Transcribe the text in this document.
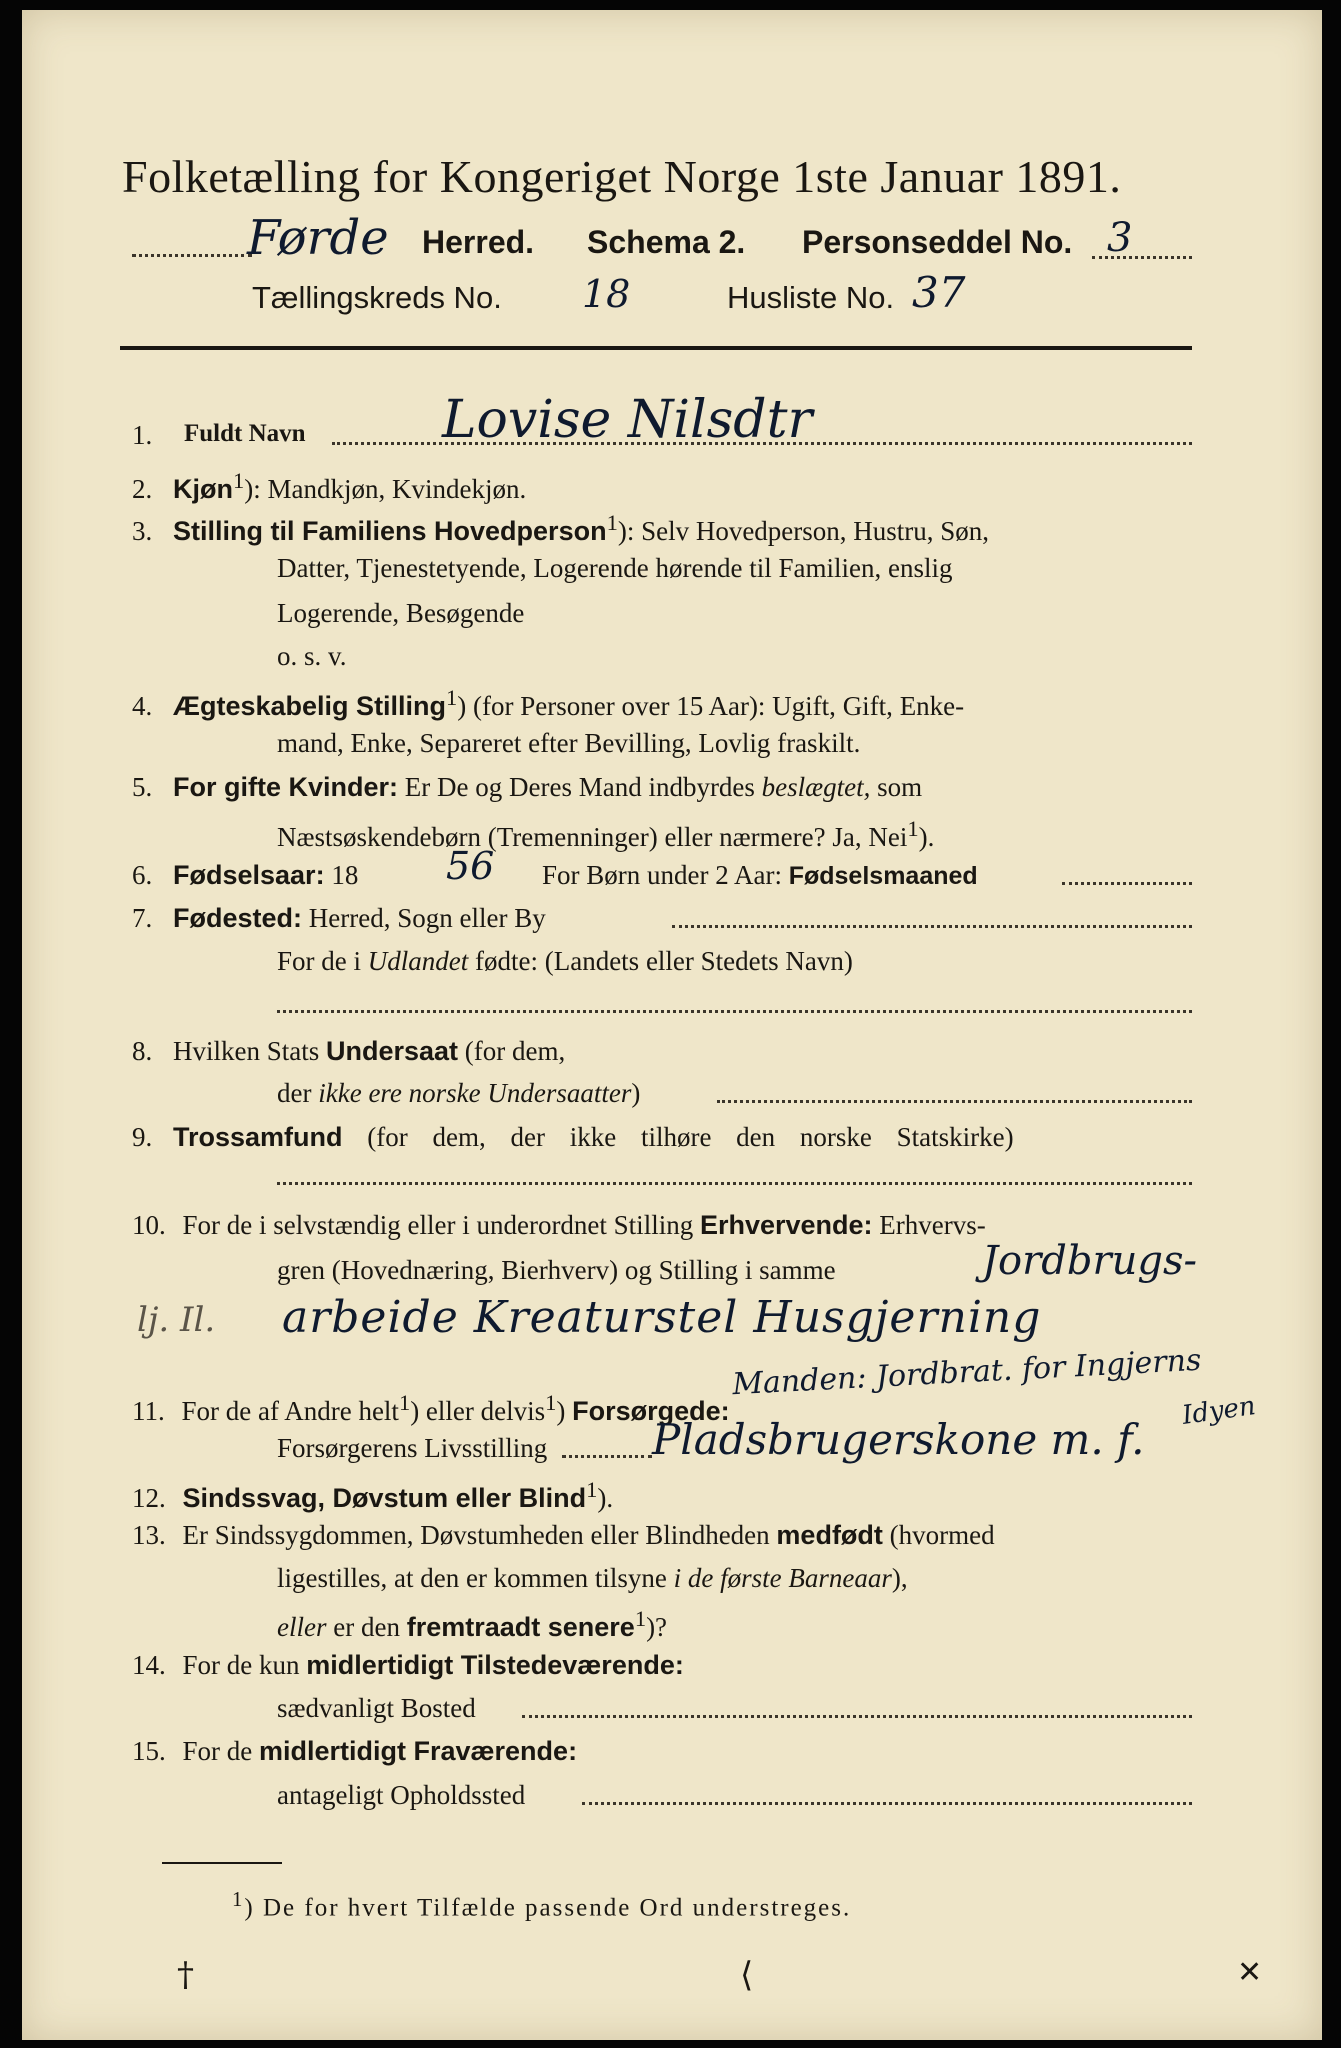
Folketælling for Kongeriget Norge 1ste Januar 1891.
Førde Herred. Schema 2. Personseddel No. 3
Tællingskreds No. 18	Husliste No. 37
1. Fuldt Navn	Lovise Nilsdtr
2. Kjøn$^1$): Mandkjøn, Kvindekjøn.
3. Stilling til Familiens Hovedperson$^1$): Selv Hovedperson, Hustru, Søn,
Datter, Tjenestetyende, Logerende hørende til Familien, enslig
Logerende, Besøgende
o. s. v.
4. Ægteskabelig Stilling$^1$) (for Personer over 15 Aar): Ugift, Gift, Enke-
mand, Enke, Separeret efter Bevilling, Lovlig fraskilt.
5. For gifte Kvinder: Er De og Deres Mand indbyrdes beslægtet, som
Næstsøskendebørn (Tremenninger) eller nærmere? Ja, Nei$^1$).
6. Fødselsaar: 18 56 For Børn under 2 Aar: Fødselsmaaned
7. Fødested: Herred, Sogn eller By
For de i Udlandet fødte: (Landets eller Stedets Navn)
8. Hvilken Stats Undersaat (for dem,
der ikke ere norske Undersaatter)
9. Trossamfund (for dem, der ikke tilhøre den norske Statskirke)
10. For de i selvstændig eller i underordnet Stilling Erhvervende: Erhvervs-
gren (Hovednæring, Bierhverv) og Stilling i samme	Jordbrugs-
arbeide Kreaturstel Husgjerning
lj. Il.
Manden: Jordbrat. for Ingjerns
Idyen
11. For de af Andre helt$^1$) eller delvis$^1$) Forsørgede:
Forsørgerens Livsstilling Pladsbrugerskone m. f.
12. Sindssvag, Døvstum eller Blind$^1$).
13. Er Sindssygdommen, Døvstumheden eller Blindheden medfødt (hvormed
ligestilles, at den er kommen tilsyne i de første Barneaar),
eller er den fremtraadt senere$^1$)?
14. For de kun midlertidigt Tilstedeværende:
sædvanligt Bosted
15. For de midlertidigt Fraværende:
antageligt Opholdssted
$^1$) De for hvert Tilfælde passende Ord understreges.
†	⟨	✕
